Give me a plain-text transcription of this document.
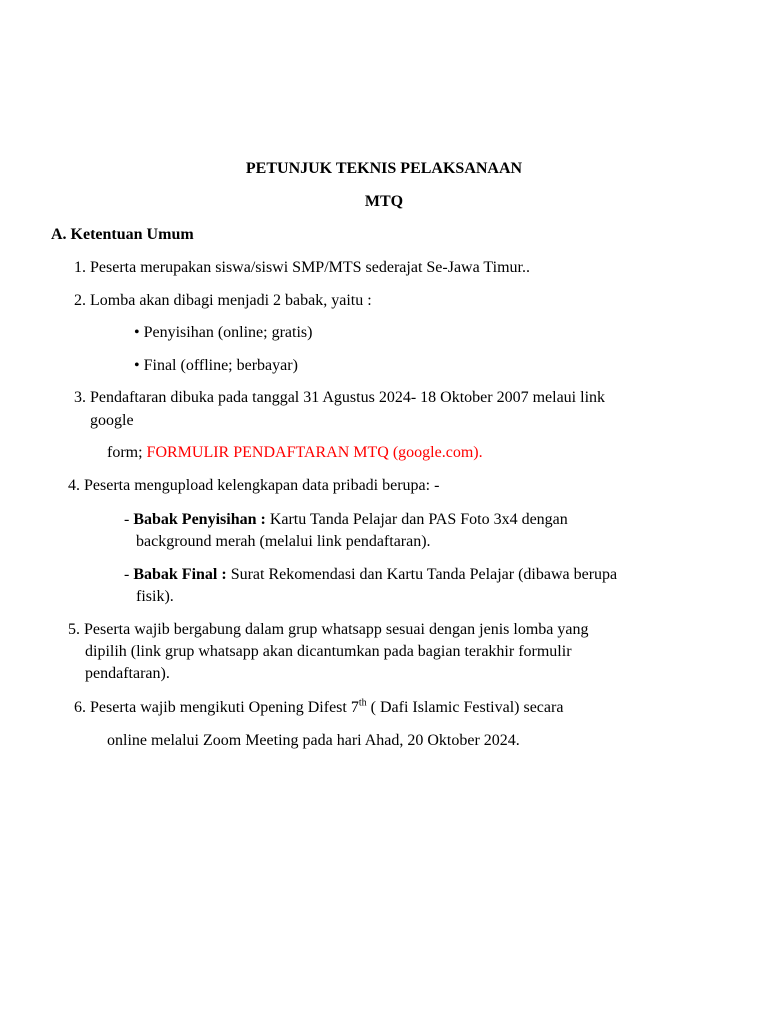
PETUNJUK TEKNIS PELAKSANAAN
MTQ
A. Ketentuan Umum
1. Peserta merupakan siswa/siswi SMP/MTS sederajat Se-Jawa Timur..
2. Lomba akan dibagi menjadi 2 babak, yaitu :
• Penyisihan (online; gratis)
• Final (offline; berbayar)
3. Pendaftaran dibuka pada tanggal 31 Agustus 2024- 18 Oktober 2007 melaui link
google
form; FORMULIR PENDAFTARAN MTQ (google.com).
4. Peserta mengupload kelengkapan data pribadi berupa: -
- Babak Penyisihan : Kartu Tanda Pelajar dan PAS Foto 3x4 dengan
background merah (melalui link pendaftaran).
- Babak Final : Surat Rekomendasi dan Kartu Tanda Pelajar (dibawa berupa
fisik).
5. Peserta wajib bergabung dalam grup whatsapp sesuai dengan jenis lomba yang
dipilih (link grup whatsapp akan dicantumkan pada bagian terakhir formulir
pendaftaran).
6. Peserta wajib mengikuti Opening Difest 7th ( Dafi Islamic Festival) secara
online melalui Zoom Meeting pada hari Ahad, 20 Oktober 2024.
